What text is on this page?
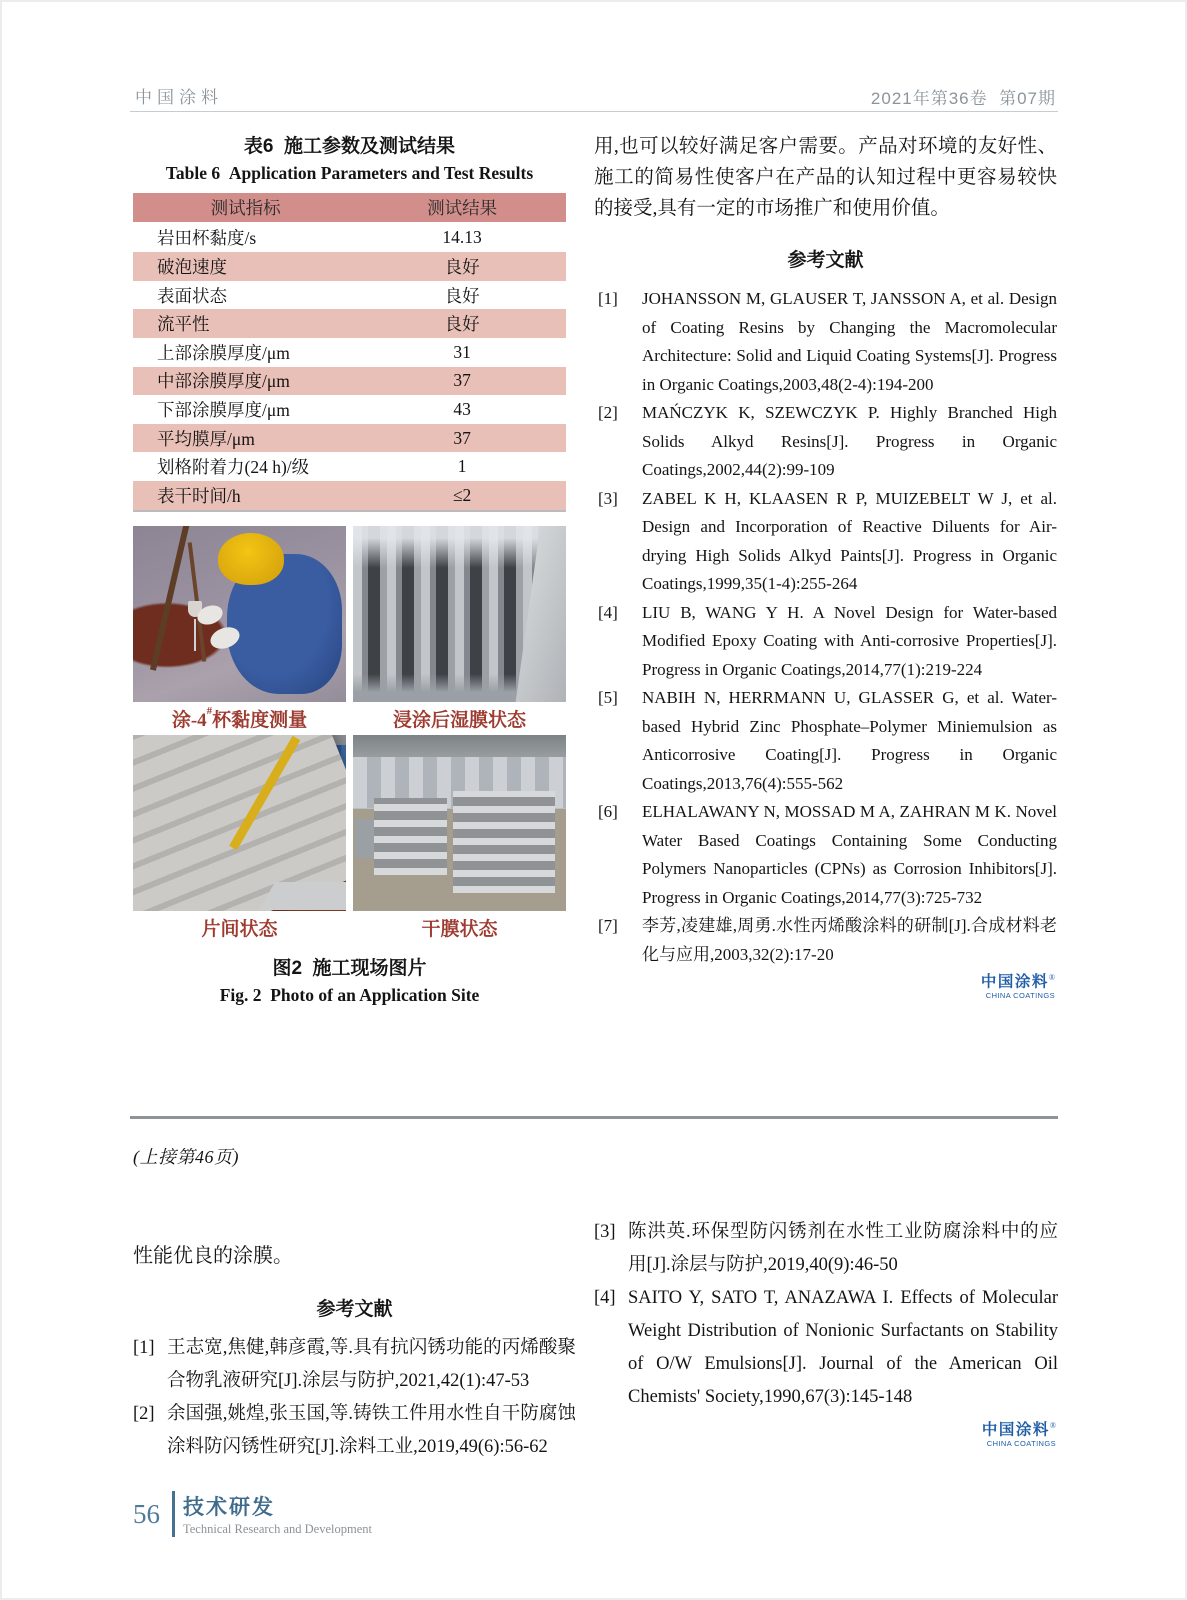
中国涂料	2021年第36卷  第07期
表6  施工参数及测试结果
Table 6  Application Parameters and Test Results
测试指标	测试结果
岩田杯黏度/s	14.13
破泡速度	良好
表面状态	良好
流平性	良好
上部涂膜厚度/μm	31
中部涂膜厚度/μm	37
下部涂膜厚度/μm	43
平均膜厚/μm	37
划格附着力(24 h)/级	1
表干时间/h	≤2
涂-4 # 杯黏度测量	浸涂后湿膜状态
片间状态	干膜状态
图2  施工现场图片
Fig. 2  Photo of an Application Site
用,也可以较好满足客户需要。产品对环境的友好性、施工的简易性使客户在产品的认知过程中更容易较快的接受,具有一定的市场推广和使用价值。
参考文献
[1] JOHANSSON M, GLAUSER T, JANSSON A, et al. Design of Coating Resins by Changing the Macromolecular Architecture: Solid and Liquid Coating Systems[J]. Progress in Organic Coatings,2003,48(2-4):194-200
[2] MAŃCZYK K, SZEWCZYK P. Highly Branched High Solids Alkyd Resins[J]. Progress in Organic Coatings,2002,44(2):99-109
[3] ZABEL K H, KLAASEN R P, MUIZEBELT W J, et al. Design and Incorporation of Reactive Diluents for Air-drying High Solids Alkyd Paints[J]. Progress in Organic Coatings,1999,35(1-4):255-264
[4] LIU B, WANG Y H. A Novel Design for Water-based Modified Epoxy Coating with Anti-corrosive Properties[J]. Progress in Organic Coatings,2014,77(1):219-224
[5] NABIH N, HERRMANN U, GLASSER G, et al. Water-based Hybrid Zinc Phosphate–Polymer Miniemulsion as Anticorrosive Coating[J]. Progress in Organic Coatings,2013,76(4):555-562
[6] ELHALAWANY N, MOSSAD M A, ZAHRAN M K. Novel Water Based Coatings Containing Some Conducting Polymers Nanoparticles (CPNs) as Corrosion Inhibitors[J]. Progress in Organic Coatings,2014,77(3):725-732
[7] 李芳,凌建雄,周勇.水性丙烯酸涂料的研制[J].合成材料老化与应用,2003,32(2):17-20
中国涂料®
CHINA COATINGS
(上接第46页)
性能优良的涂膜。
参考文献
[1] 王志宽,焦健,韩彦霞,等.具有抗闪锈功能的丙烯酸聚合物乳液研究[J].涂层与防护,2021,42(1):47-53
[2] 余国强,姚煌,张玉国,等.铸铁工件用水性自干防腐蚀涂料防闪锈性研究[J].涂料工业,2019,49(6):56-62
[3] 陈洪英.环保型防闪锈剂在水性工业防腐涂料中的应用[J].涂层与防护,2019,40(9):46-50
[4] SAITO Y, SATO T, ANAZAWA I. Effects of Molecular Weight Distribution of Nonionic Surfactants on Stability of O/W Emulsions[J]. Journal of the American Oil Chemists' Society,1990,67(3):145-148
中国涂料®
CHINA COATINGS
56 技术研发
Technical Research and Development
